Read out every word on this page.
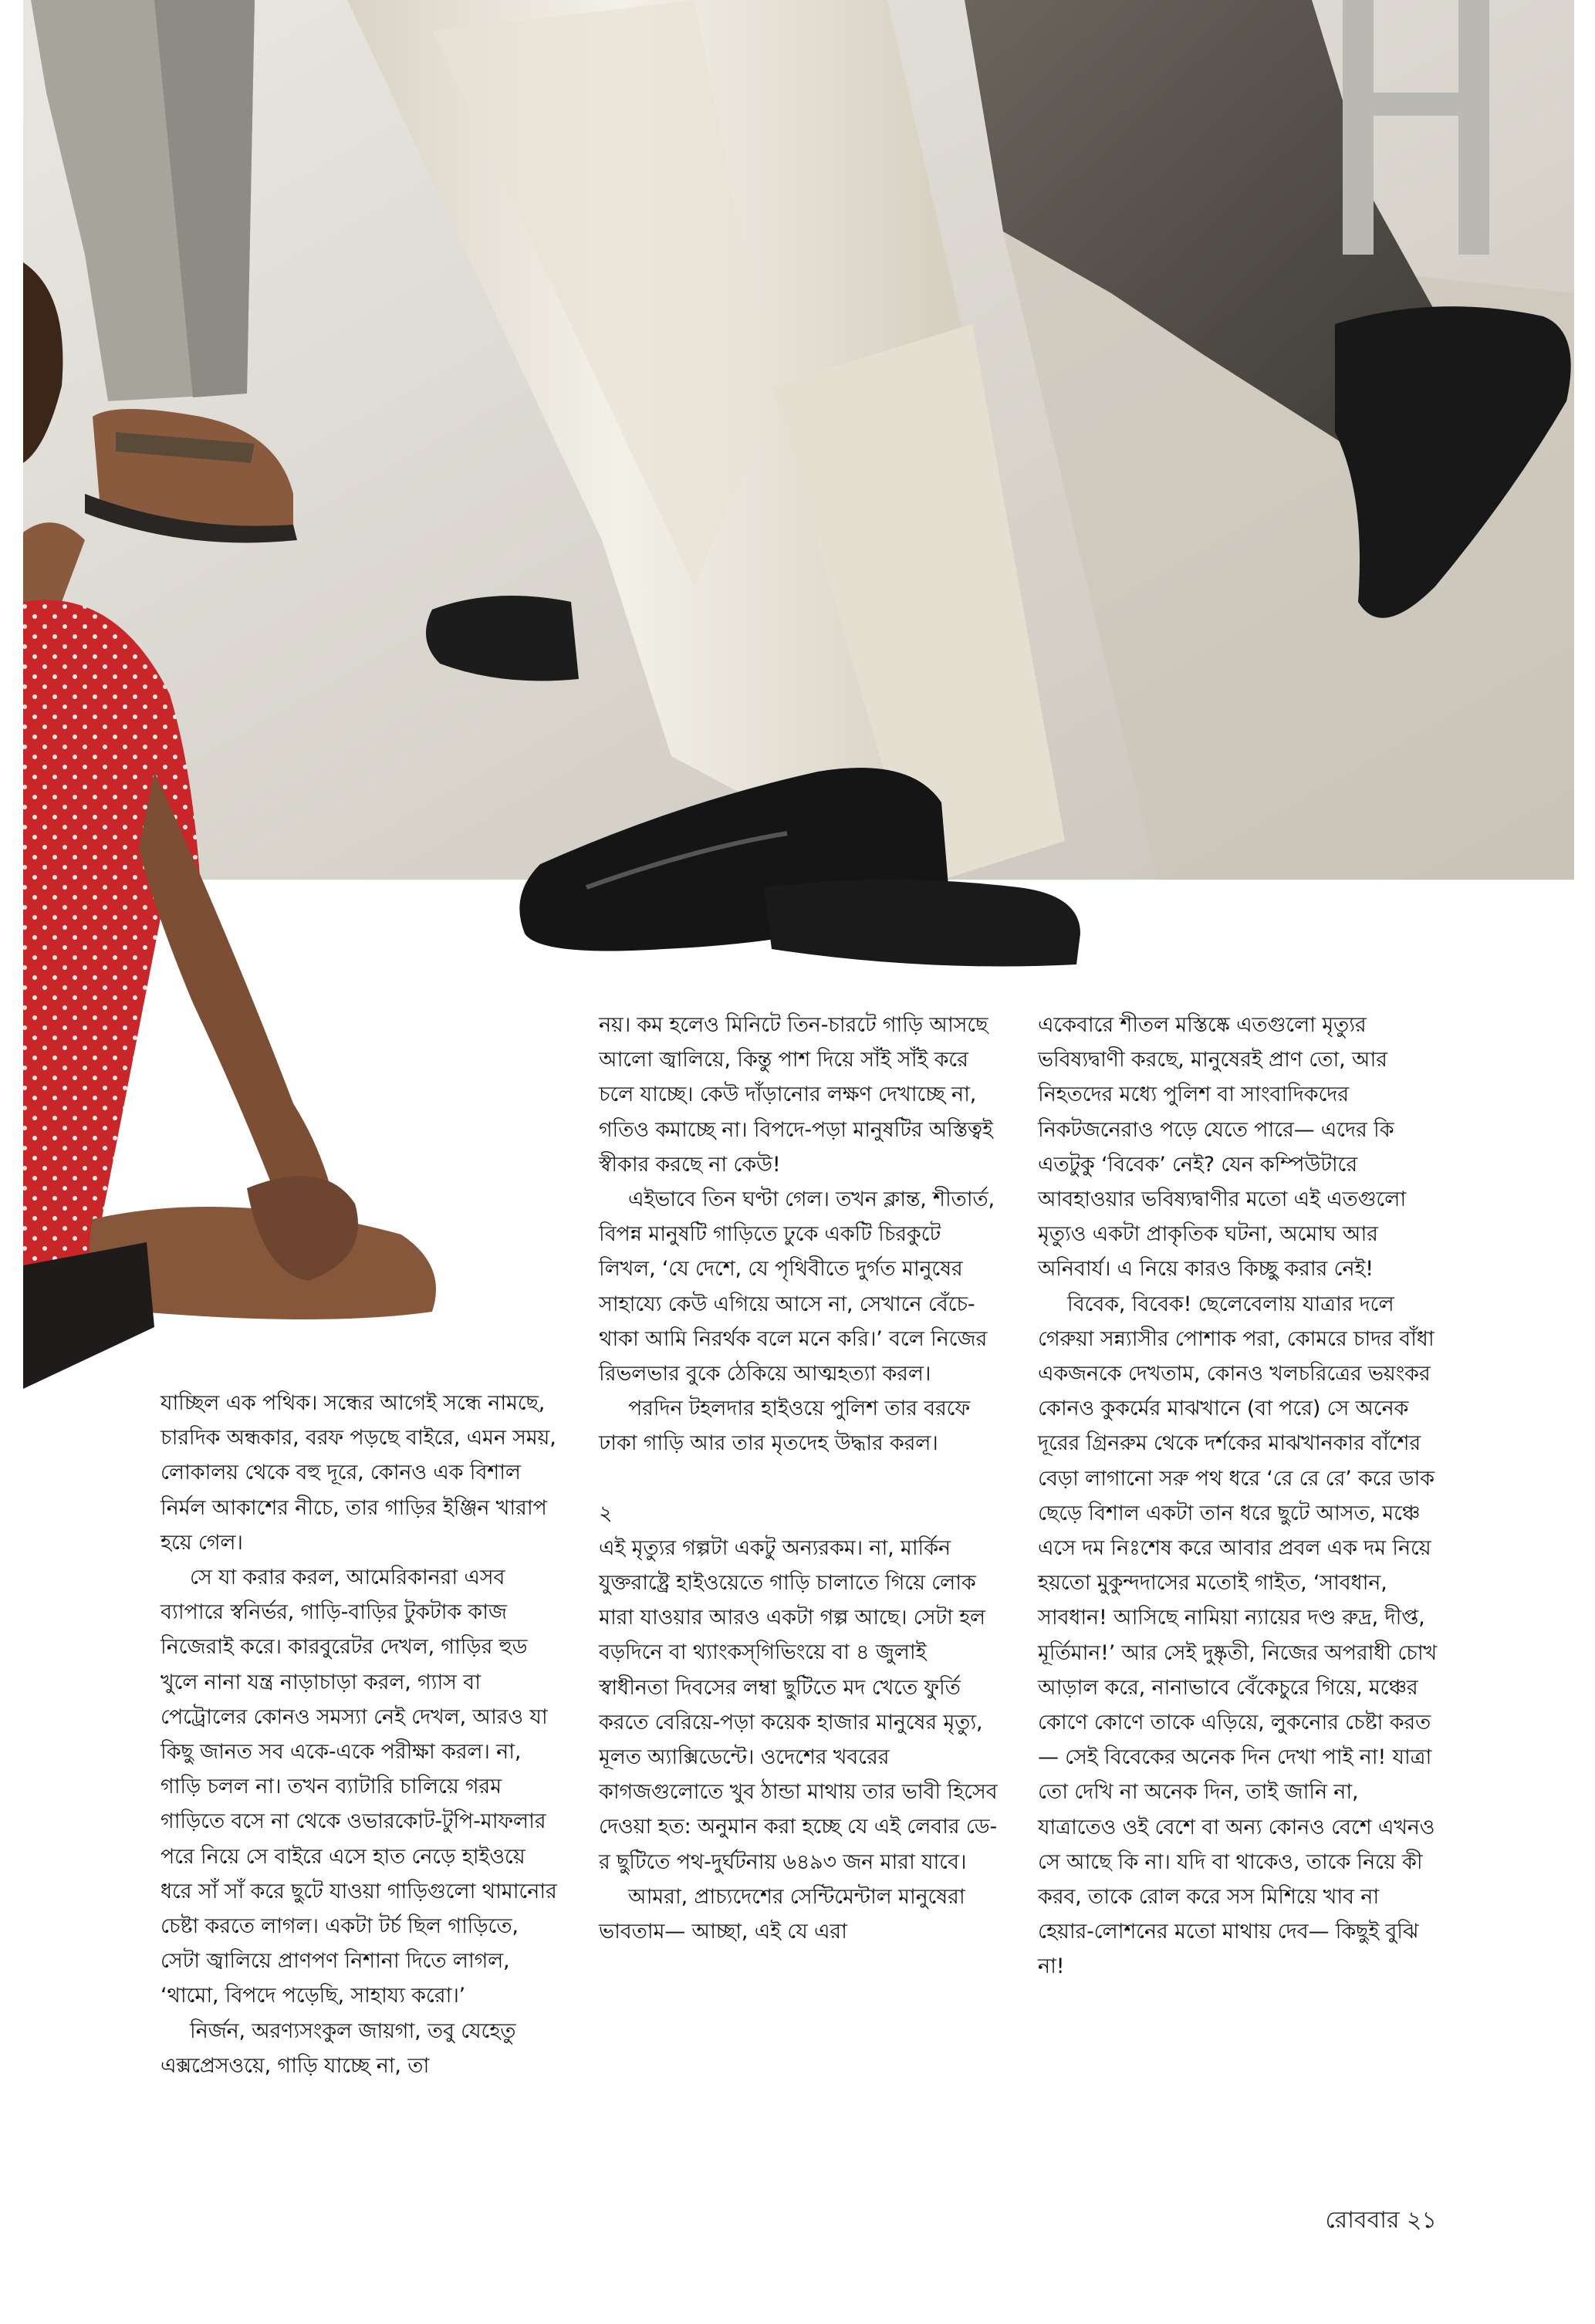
যাচ্ছিল এক পথিক। সন্ধের আগেই সন্ধে নামছে, চারদিক অন্ধকার, বরফ পড়ছে বাইরে, এমন সময়, লোকালয় থেকে বহু দূরে, কোনও এক বিশাল নির্মল আকাশের নীচে, তার গাড়ির ইঞ্জিন খারাপ হয়ে গেল।

সে যা করার করল, আমেরিকানরা এসব ব্যাপারে স্বনির্ভর, গাড়ি-বাড়ির টুকটাক কাজ নিজেরাই করে। কারবুরেটর দেখল, গাড়ির হুড খুলে নানা যন্ত্র নাড়াচাড়া করল, গ্যাস বা পেট্রোলের কোনও সমস্যা নেই দেখল, আরও যা কিছু জানত সব একে-একে পরীক্ষা করল। না, গাড়ি চলল না। তখন ব্যাটারি চালিয়ে গরম গাড়িতে বসে না থেকে ওভারকোট-টুপি-মাফলার পরে নিয়ে সে বাইরে এসে হাত নেড়ে হাইওয়ে ধরে সাঁ সাঁ করে ছুটে যাওয়া গাড়িগুলো থামানোর চেষ্টা করতে লাগল। একটা টর্চ ছিল গাড়িতে, সেটা জ্বালিয়ে প্রাণপণ নিশানা দিতে লাগল, ‘থামো, বিপদে পড়েছি, সাহায্য করো।’

নির্জন, অরণ্যসংকুল জায়গা, তবু যেহেতু এক্সপ্রেসওয়ে, গাড়ি যাচ্ছে না, তা

নয়। কম হলেও মিনিটে তিন-চারটে গাড়ি আসছে আলো জ্বালিয়ে, কিন্তু পাশ দিয়ে সাঁই সাঁই করে চলে যাচ্ছে। কেউ দাঁড়ানোর লক্ষণ দেখাচ্ছে না, গতিও কমাচ্ছে না। বিপদে-পড়া মানুষটির অস্তিত্বই স্বীকার করছে না কেউ!

এইভাবে তিন ঘণ্টা গেল। তখন ক্লান্ত, শীতার্ত, বিপন্ন মানুষটি গাড়িতে ঢুকে একটি চিরকুটে লিখল, ‘যে দেশে, যে পৃথিবীতে দুর্গত মানুষের সাহায্যে কেউ এগিয়ে আসে না, সেখানে বেঁচে-থাকা আমি নিরর্থক বলে মনে করি।’ বলে নিজের রিভলভার বুকে ঠেকিয়ে আত্মহত্যা করল।

পরদিন টহলদার হাইওয়ে পুলিশ তার বরফে ঢাকা গাড়ি আর তার মৃতদেহ উদ্ধার করল।

২

এই মৃত্যুর গল্পটা একটু অন্যরকম। না, মার্কিন যুক্তরাষ্ট্রে হাইওয়েতে গাড়ি চালাতে গিয়ে লোক মারা যাওয়ার আরও একটা গল্প আছে। সেটা হল বড়দিনে বা থ্যাংকস্‌গিভিংয়ে বা ৪ জুলাই স্বাধীনতা দিবসের লম্বা ছুটিতে মদ খেতে ফুর্তি করতে বেরিয়ে-পড়া কয়েক হাজার মানুষের মৃত্যু, মূলত অ্যাক্সিডেন্টে। ওদেশের খবরের কাগজগুলোতে খুব ঠান্ডা মাথায় তার ভাবী হিসেব দেওয়া হত: অনুমান করা হচ্ছে যে এই লেবার ডে-র ছুটিতে পথ-দুর্ঘটনায় ৬৪৯৩ জন মারা যাবে।

আমরা, প্রাচ্যদেশের সেন্টিমেন্টাল মানুষেরা ভাবতাম— আচ্ছা, এই যে এরা

একেবারে শীতল মস্তিষ্কে এতগুলো মৃত্যুর ভবিষ্যদ্বাণী করছে, মানুষেরই প্রাণ তো, আর নিহতদের মধ্যে পুলিশ বা সাংবাদিকদের নিকটজনেরাও পড়ে যেতে পারে— এদের কি এতটুকু ‘বিবেক’ নেই? যেন কম্পিউটারে আবহাওয়ার ভবিষ্যদ্বাণীর মতো এই এতগুলো মৃত্যুও একটা প্রাকৃতিক ঘটনা, অমোঘ আর অনিবার্য। এ নিয়ে কারও কিচ্ছু করার নেই!

বিবেক, বিবেক! ছেলেবেলায় যাত্রার দলে গেরুয়া সন্ন্যাসীর পোশাক পরা, কোমরে চাদর বাঁধা একজনকে দেখতাম, কোনও খলচরিত্রের ভয়ংকর কোনও কুকর্মের মাঝখানে (বা পরে) সে অনেক দূরের গ্রিনরুম থেকে দর্শকের মাঝখানকার বাঁশের বেড়া লাগানো সরু পথ ধরে ‘রে রে রে’ করে ডাক ছেড়ে বিশাল একটা তান ধরে ছুটে আসত, মঞ্চে এসে দম নিঃশেষ করে আবার প্রবল এক দম নিয়ে হয়তো মুকুন্দদাসের মতোই গাইত, ‘সাবধান, সাবধান! আসিছে নামিয়া ন্যায়ের দণ্ড রুদ্র, দীপ্ত, মূর্তিমান!’ আর সেই দুষ্কৃতী, নিজের অপরাধী চোখ আড়াল করে, নানাভাবে বেঁকেচুরে গিয়ে, মঞ্চের কোণে কোণে তাকে এড়িয়ে, লুকনোর চেষ্টা করত— সেই বিবেকের অনেক দিন দেখা পাই না! যাত্রা তো দেখি না অনেক দিন, তাই জানি না, যাত্রাতেও ওই বেশে বা অন্য কোনও বেশে এখনও সে আছে কি না। যদি বা থাকেও, তাকে নিয়ে কী করব, তাকে রোল করে সস মিশিয়ে খাব না হেয়ার-লোশনের মতো মাথায় দেব— কিছুই বুঝি না!

রোববার ২১
